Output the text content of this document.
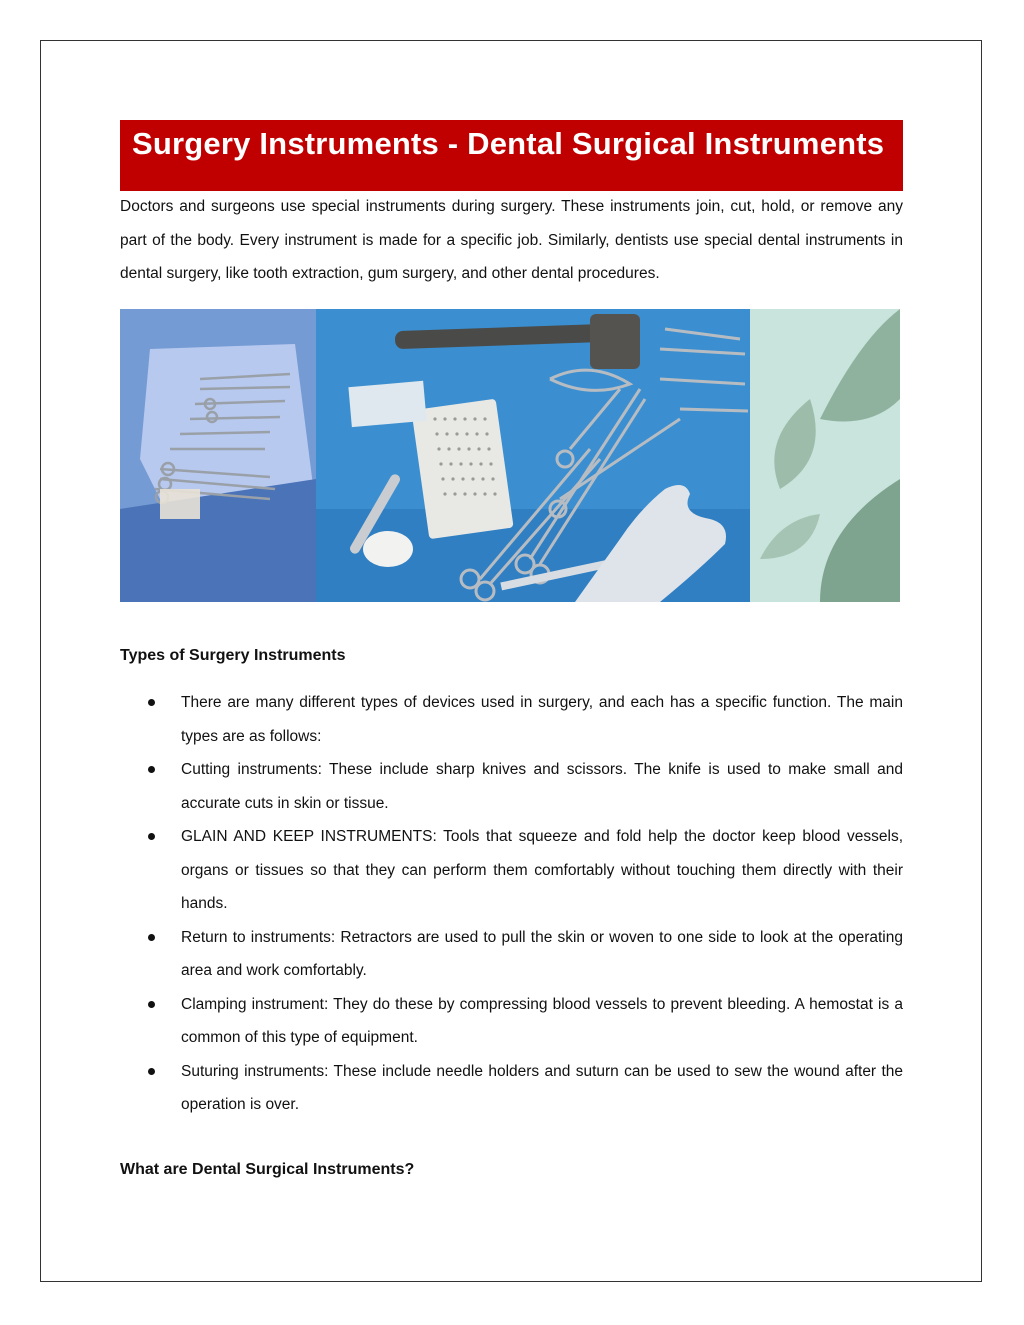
Surgery Instruments - Dental Surgical Instruments

Doctors and surgeons use special instruments during surgery. These instruments join, cut, hold, or remove any part of the body. Every instrument is made for a specific job. Similarly, dentists use special dental instruments in dental surgery, like tooth extraction, gum surgery, and other dental procedures.

Types of Surgery Instruments
There are many different types of devices used in surgery, and each has a specific function. The main types are as follows:
Cutting instruments: These include sharp knives and scissors. The knife is used to make small and accurate cuts in skin or tissue.
GLAIN AND KEEP INSTRUMENTS: Tools that squeeze and fold help the doctor keep blood vessels, organs or tissues so that they can perform them comfortably without touching them directly with their hands.
Return to instruments: Retractors are used to pull the skin or woven to one side to look at the operating area and work comfortably.
Clamping instrument: They do these by compressing blood vessels to prevent bleeding. A hemostat is a common of this type of equipment.
Suturing instruments: These include needle holders and suturn can be used to sew the wound after the operation is over.
What are Dental Surgical Instruments?
